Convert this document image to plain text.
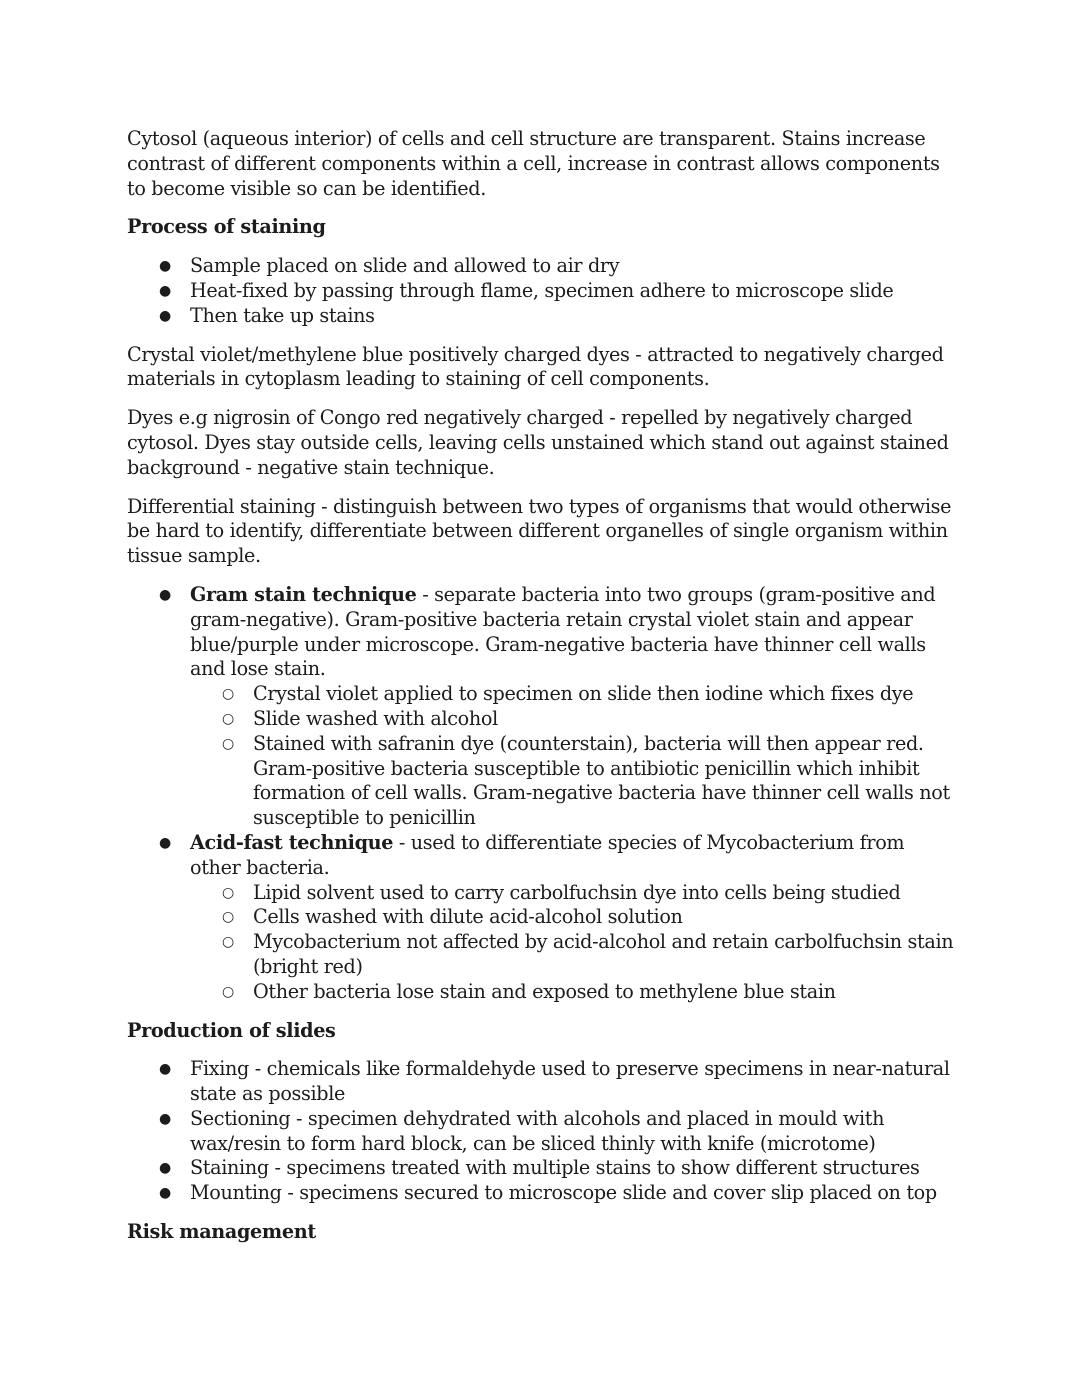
Cytosol (aqueous interior) of cells and cell structure are transparent. Stains increase contrast of different components within a cell, increase in contrast allows components to become visible so can be identified.

Process of staining
● Sample placed on slide and allowed to air dry
● Heat-fixed by passing through flame, specimen adhere to microscope slide
● Then take up stains

Crystal violet/methylene blue positively charged dyes - attracted to negatively charged materials in cytoplasm leading to staining of cell components.

Dyes e.g nigrosin of Congo red negatively charged - repelled by negatively charged cytosol. Dyes stay outside cells, leaving cells unstained which stand out against stained background - negative stain technique.

Differential staining - distinguish between two types of organisms that would otherwise be hard to identify, differentiate between different organelles of single organism within tissue sample.

● Gram stain technique - separate bacteria into two groups (gram-positive and gram-negative). Gram-positive bacteria retain crystal violet stain and appear blue/purple under microscope. Gram-negative bacteria have thinner cell walls and lose stain.
○ Crystal violet applied to specimen on slide then iodine which fixes dye
○ Slide washed with alcohol
○ Stained with safranin dye (counterstain), bacteria will then appear red. Gram-positive bacteria susceptible to antibiotic penicillin which inhibit formation of cell walls. Gram-negative bacteria have thinner cell walls not susceptible to penicillin
● Acid-fast technique - used to differentiate species of Mycobacterium from other bacteria.
○ Lipid solvent used to carry carbolfuchsin dye into cells being studied
○ Cells washed with dilute acid-alcohol solution
○ Mycobacterium not affected by acid-alcohol and retain carbolfuchsin stain (bright red)
○ Other bacteria lose stain and exposed to methylene blue stain
Production of slides
● Fixing - chemicals like formaldehyde used to preserve specimens in near-natural state as possible
● Sectioning - specimen dehydrated with alcohols and placed in mould with wax/resin to form hard block, can be sliced thinly with knife (microtome)
● Staining - specimens treated with multiple stains to show different structures
● Mounting - specimens secured to microscope slide and cover slip placed on top
Risk management
